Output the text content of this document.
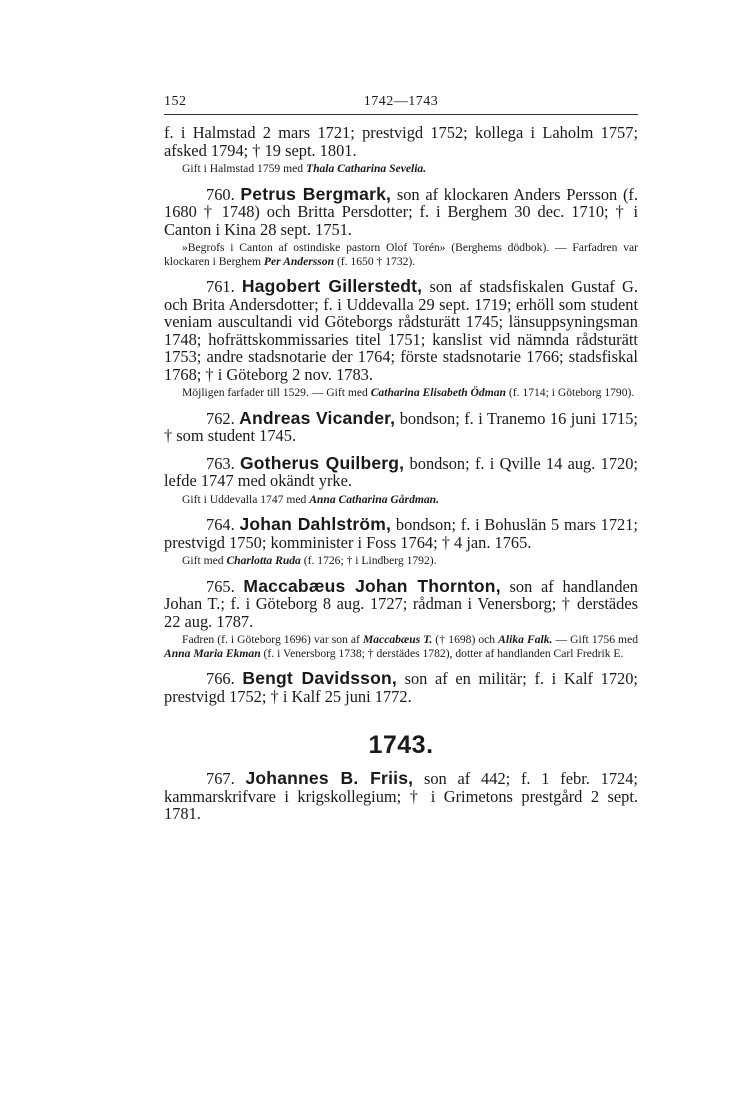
152	1742—1743

f. i Halmstad 2 mars 1721; prestvigd 1752; kollega i Laholm 1757; afsked 1794; † 19 sept. 1801.

Gift i Halmstad 1759 med Thala Catharina Sevelia.

760. Petrus Bergmark, son af klockaren Anders Persson (f. 1680 † 1748) och Britta Persdotter; f. i Berghem 30 dec. 1710; † i Canton i Kina 28 sept. 1751.

»Begrofs i Canton af ostindiske pastorn Olof Torén» (Berghems dödbok). — Farfadren var klockaren i Berghem Per Andersson (f. 1650 † 1732).

761. Hagobert Gillerstedt, son af stadsfiskalen Gustaf G. och Brita Andersdotter; f. i Uddevalla 29 sept. 1719; erhöll som student veniam auscultandi vid Göteborgs rådsturätt 1745; länsuppsyningsman 1748; hofrättskommissaries titel 1751; kanslist vid nämnda rådsturätt 1753; andre stadsnotarie der 1764; förste stadsnotarie 1766; stadsfiskal 1768; † i Göteborg 2 nov. 1783.

Möjligen farfader till 1529. — Gift med Catharina Elisabeth Ödman (f. 1714; i Göteborg 1790).

762. Andreas Vicander, bondson; f. i Tranemo 16 juni 1715; † som student 1745.

763. Gotherus Quilberg, bondson; f. i Qville 14 aug. 1720; lefde 1747 med okändt yrke.

Gift i Uddevalla 1747 med Anna Catharina Gårdman.

764. Johan Dahlström, bondson; f. i Bohuslän 5 mars 1721; prestvigd 1750; komminister i Foss 1764; † 4 jan. 1765.

Gift med Charlotta Ruda (f. 1726; † i Lindberg 1792).

765. Maccabæus Johan Thornton, son af handlanden Johan T.; f. i Göteborg 8 aug. 1727; rådman i Venersborg; † derstädes 22 aug. 1787.

Fadren (f. i Göteborg 1696) var son af Maccabæus T. († 1698) och Alika Falk. — Gift 1756 med Anna Maria Ekman (f. i Venersborg 1738; † derstädes 1782), dotter af handlanden Carl Fredrik E.

766. Bengt Davidsson, son af en militär; f. i Kalf 1720; prestvigd 1752; † i Kalf 25 juni 1772.

1743.

767. Johannes B. Friis, son af 442; f. 1 febr. 1724; kammarskrifvare i krigskollegium; † i Grimetons prestgård 2 sept. 1781.
